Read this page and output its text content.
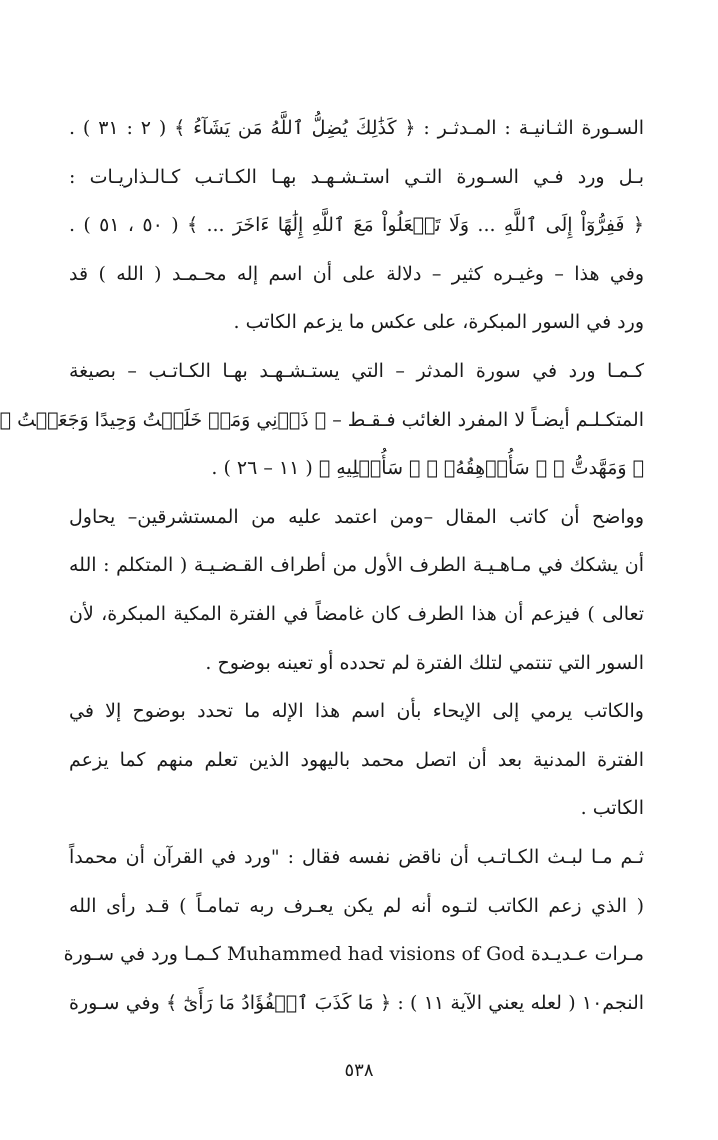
السـورة الثـانيـة : المـدثـر : ﴿ كَذَٰلِكَ يُضِلُّ ٱللَّهُ مَن يَشَآءُ ﴾ ( ٢ : ٣١ ) .
بـل ورد فـي السـورة التـي استـشـهـد بهـا الكـاتـب كـالـذاريـات :
﴿ فَفِرُّوٓاْ إِلَى ٱللَّهِ ... وَلَا تَجۡعَلُواْ مَعَ ٱللَّهِ إِلَٰهًا ءَاخَرَ ... ﴾ ( ٥٠ ، ٥١ ) .
وفي هذا – وغيـره كثير – دلالة على أن اسم إله محـمـد ( الله ) قد
ورد في السور المبكرة، على عكس ما يزعم الكاتب .
كـمـا ورد في سورة المدثر – التي يستـشـهـد بهـا الكـاتـب – بصيغة
المتكـلـم أيضـاً لا المفرد الغائب فـقـط – ﴿ ذَرۡنِي وَمَنۡ خَلَقۡتُ وَحِيدًا وَجَعَلۡتُ ﴾
﴿ وَمَهَّدتُّ ﴾ ﴿ سَأُرۡهِقُهُۥ ﴾ ﴿ سَأُصۡلِيهِ ﴾ ( ١١ – ٢٦ ) .
وواضح أن كاتب المقال –ومن اعتمد عليه من المستشرقين– يحاول
أن يشكك في مـاهـيـة الطرف الأول من أطراف القـضـيـة ( المتكلم : الله
تعالى ) فيزعم أن هذا الطرف كان غامضاً في الفترة المكية المبكرة، لأن
السور التي تنتمي لتلك الفترة لم تحدده أو تعينه بوضوح .
والكاتب يرمي إلى الإيحاء بأن اسم هذا الإله ما تحدد بوضوح إلا في
الفترة المدنية بعد أن اتصل محمد باليهود الذين تعلم منهم كما يزعم
الكاتب .
ثـم مـا لبـث الكـاتـب أن ناقض نفسه فقال : "ورد في القرآن أن محمداً
( الذي زعم الكاتب لتـوه أنه لم يكن يعـرف ربه تمامـاً ) قـد رأى الله
مـرات عـديـدة Muhammed had visions of God كـمـا ورد في سـورة
النجم١٠ ( لعله يعني الآية ١١ ) : ﴿ مَا كَذَبَ ٱلۡفُؤَادُ مَا رَأَىٰٓ ﴾ وفي سـورة
٥٣٨
